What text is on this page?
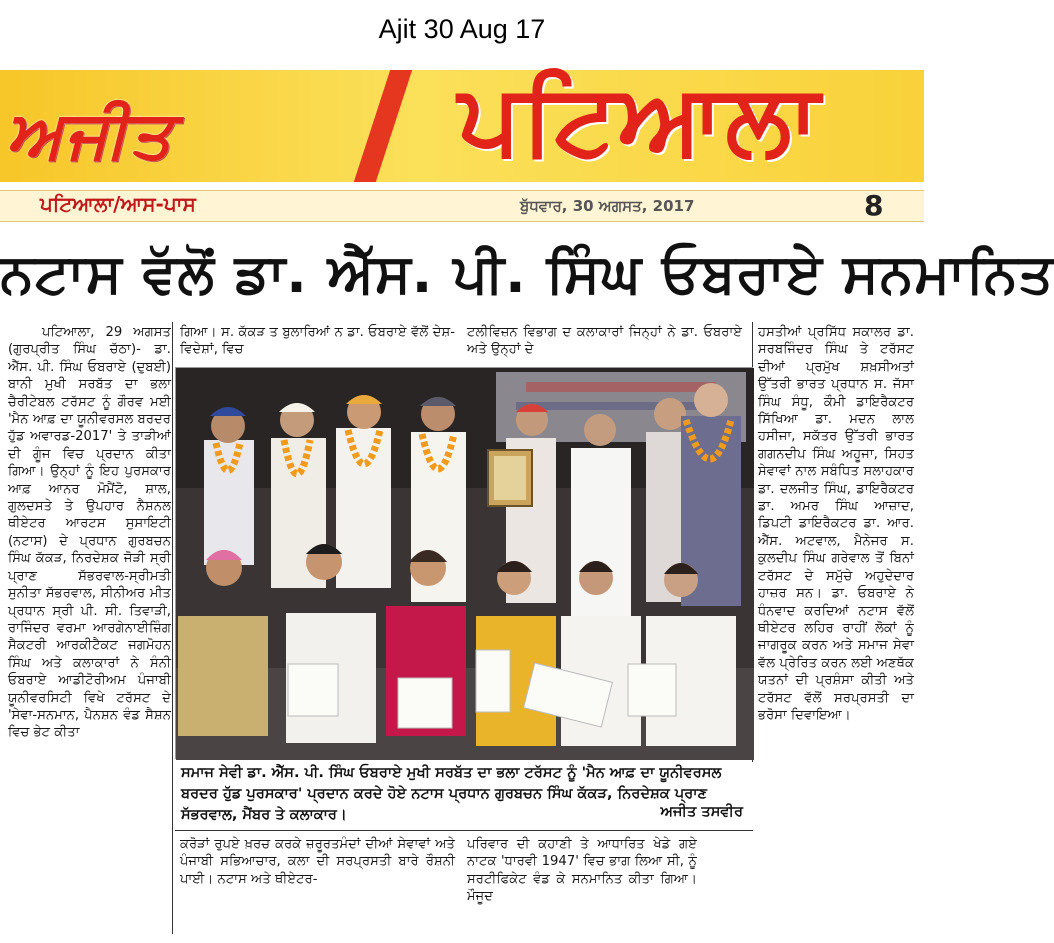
Ajit 30 Aug 17
ਅਜੀਤ	ਪਟਿਆਲਾ
ਪਟਿਆਲਾ/ਆਸ-ਪਾਸ	ਬੁੱਧਵਾਰ, 30 ਅਗਸਤ, 2017	8
ਨਟਾਸ ਵੱਲੋਂ ਡਾ. ਐੱਸ. ਪੀ. ਸਿੰਘ ਓਬਰਾਏ ਸਨਮਾਨਿਤ

ਪਟਿਆਲਾ, 29 ਅਗਸਤ (ਗੁਰਪ੍ਰੀਤ ਸਿੰਘ ਚੱਠਾ)- ਡਾ. ਐੱਸ. ਪੀ. ਸਿੰਘ ਓਬਰਾਏ (ਦੁਬਈ) ਬਾਨੀ ਮੁਖੀ ਸਰਬੱਤ ਦਾ ਭਲਾ ਚੈਰੀਟੇਬਲ ਟਰੱਸਟ ਨੂੰ ਗੌਰਵ ਮਈ 'ਮੈਨ ਆਫ਼ ਦਾ ਯੂਨੀਵਰਸਲ ਬਰਦਰ ਹੁੱਡ ਅਵਾਰਡ-2017' ਤੇ ਤਾੜੀਆਂ ਦੀ ਗੂੰਜ ਵਿਚ ਪ੍ਰਦਾਨ ਕੀਤਾ ਗਿਆ। ਉਨ੍ਹਾਂ ਨੂੰ ਇਹ ਪੁਰਸਕਾਰ ਆਫ਼ ਆਨਰ ਮੋਮੈਂਟੋ, ਸ਼ਾਲ, ਗੁਲਦਸਤੇ ਤੇ ਉਪਹਾਰ ਨੈਸ਼ਨਲ ਥੀਏਟਰ ਆਰਟਸ ਸੁਸਾਇਟੀ (ਨਟਾਸ) ਦੇ ਪ੍ਰਧਾਨ ਗੁਰਬਚਨ ਸਿੰਘ ਕੱਕੜ, ਨਿਰਦੇਸ਼ਕ ਜੋੜੀ ਸ੍ਰੀ ਪ੍ਰਾਣ ਸੱਭਰਵਾਲ-ਸ੍ਰੀਮਤੀ ਸੁਨੀਤਾ ਸੱਭਰਵਾਲ, ਸੀਨੀਅਰ ਮੀਤ ਪ੍ਰਧਾਨ ਸ੍ਰੀ ਪੀ. ਸੀ. ਤਿਵਾੜੀ, ਰਾਜਿੰਦਰ ਵਰਮਾ ਆਰਗੇਨਾਈਜ਼ਿੰਗ ਸੈਕਟਰੀ ਆਰਕੀਟੈਕਟ ਜਗਮੋਹਨ ਸਿੰਘ ਅਤੇ ਕਲਾਕਾਰਾਂ ਨੇ ਸੰਨੀ ਓਬਰਾਏ ਆਡੀਟੋਰੀਅਮ ਪੰਜਾਬੀ ਯੂਨੀਵਰਸਿਟੀ ਵਿਖੇ ਟਰੱਸਟ ਦੇ 'ਸੇਵਾ-ਸਨਮਾਨ, ਪੈਨਸ਼ਨ ਵੰਡ ਸੈਸ਼ਨ ਵਿਚ ਭੇਟ ਕੀਤਾ

ਗਿਆ। ਸ. ਕੱਕੜ ਤ ਬੁਲਾਰਿਆਂ ਨ ਡਾ. ਓਬਰਾਏ ਵੱਲੋਂ ਦੇਸ਼-ਵਿਦੇਸ਼ਾਂ, ਵਿਚ
ਟਲੀਵਿਜ਼ਨ ਵਿਭਾਗ ਦ ਕਲਾਕਾਰਾਂ ਜਿਨ੍ਹਾਂ ਨੇ ਡਾ. ਓਬਰਾਏ ਅਤੇ ਉਨ੍ਹਾਂ ਦੇ
ਹਸਤੀਆਂ ਪ੍ਰਸਿੱਧ ਸਕਾਲਰ ਡਾ. ਸਰਬਜਿੰਦਰ ਸਿੰਘ ਤੇ ਟਰੱਸਟ ਦੀਆਂ ਪ੍ਰਮੁੱਖ ਸ਼ਖ਼ਸੀਅਤਾਂ ਉੱਤਰੀ ਭਾਰਤ ਪ੍ਰਧਾਨ ਸ. ਜੱਸਾ ਸਿੰਘ ਸੰਧੂ, ਕੌਮੀ ਡਾਇਰੈਕਟਰ ਸਿੱਖਿਆ ਡਾ. ਮਦਨ ਲਾਲ ਹਸੀਜਾ, ਸਕੱਤਰ ਉੱਤਰੀ ਭਾਰਤ ਗਗਨਦੀਪ ਸਿੰਘ ਅਹੂਜਾ, ਸਿਹਤ ਸੇਵਾਵਾਂ ਨਾਲ ਸਬੰਧਿਤ ਸਲਾਹਕਾਰ ਡਾ. ਦਲਜੀਤ ਸਿੰਘ, ਡਾਇਰੈਕਟਰ ਡਾ. ਅਮਰ ਸਿੰਘ ਆਜ਼ਾਦ, ਡਿਪਟੀ ਡਾਇਰੈਕਟਰ ਡਾ. ਆਰ. ਐੱਸ. ਅਟਵਾਲ, ਮੈਨੇਜਰ ਸ. ਕੁਲਦੀਪ ਸਿੰਘ ਗਰੇਵਾਲ ਤੋਂ ਬਿਨਾਂ ਟਰੱਸਟ ਦੇ ਸਮੁੱਚੇ ਅਹੁਦੇਦਾਰ ਹਾਜ਼ਰ ਸਨ। ਡਾ. ਓਬਰਾਏ ਨੇ ਧੰਨਵਾਦ ਕਰਦਿਆਂ ਨਟਾਸ ਵੱਲੋਂ ਥੀਏਟਰ ਲਹਿਰ ਰਾਹੀਂ ਲੋਕਾਂ ਨੂੰ ਜਾਗਰੂਕ ਕਰਨ ਅਤੇ ਸਮਾਜ ਸੇਵਾ ਵੱਲ ਪ੍ਰੇਰਿਤ ਕਰਨ ਲਈ ਅਣਥੱਕ ਯਤਨਾਂ ਦੀ ਪ੍ਰਸ਼ੰਸਾ ਕੀਤੀ ਅਤੇ ਟਰੱਸਟ ਵੱਲੋਂ ਸਰਪ੍ਰਸਤੀ ਦਾ ਭਰੋਸਾ ਦਿਵਾਇਆ।
ਸਮਾਜ ਸੇਵੀ ਡਾ. ਐੱਸ. ਪੀ. ਸਿੰਘ ਓਬਰਾਏ ਮੁਖੀ ਸਰਬੱਤ ਦਾ ਭਲਾ ਟਰੱਸਟ ਨੂੰ 'ਮੈਨ ਆਫ਼ ਦਾ ਯੂਨੀਵਰਸਲ ਬਰਦਰ ਹੁੱਡ ਪੁਰਸਕਾਰ' ਪ੍ਰਦਾਨ ਕਰਦੇ ਹੋਏ ਨਟਾਸ ਪ੍ਰਧਾਨ ਗੁਰਬਚਨ ਸਿੰਘ ਕੱਕੜ, ਨਿਰਦੇਸ਼ਕ ਪ੍ਰਾਣ ਸੱਭਰਵਾਲ, ਮੈਂਬਰ ਤੇ ਕਲਾਕਾਰ।	ਅਜੀਤ ਤਸਵੀਰ
ਕਰੋੜਾਂ ਰੁਪਏ ਖ਼ਰਚ ਕਰਕੇ ਜ਼ਰੂਰਤਮੰਦਾਂ ਦੀਆਂ ਸੇਵਾਵਾਂ ਅਤੇ ਪੰਜਾਬੀ ਸਭਿਆਚਾਰ, ਕਲਾ ਦੀ ਸਰਪ੍ਰਸਤੀ ਬਾਰੇ ਰੌਸ਼ਨੀ ਪਾਈ। ਨਟਾਸ ਅਤੇ ਥੀਏਟਰ-
ਪਰਿਵਾਰ ਦੀ ਕਹਾਣੀ ਤੇ ਆਧਾਰਿਤ ਖੇਡੇ ਗਏ ਨਾਟਕ 'ਧਾਰਵੀ 1947' ਵਿਚ ਭਾਗ ਲਿਆ ਸੀ, ਨੂੰ ਸਰਟੀਫਿਕੇਟ ਵੰਡ ਕੇ ਸਨਮਾਨਿਤ ਕੀਤਾ ਗਿਆ। ਮੌਜੂਦ
